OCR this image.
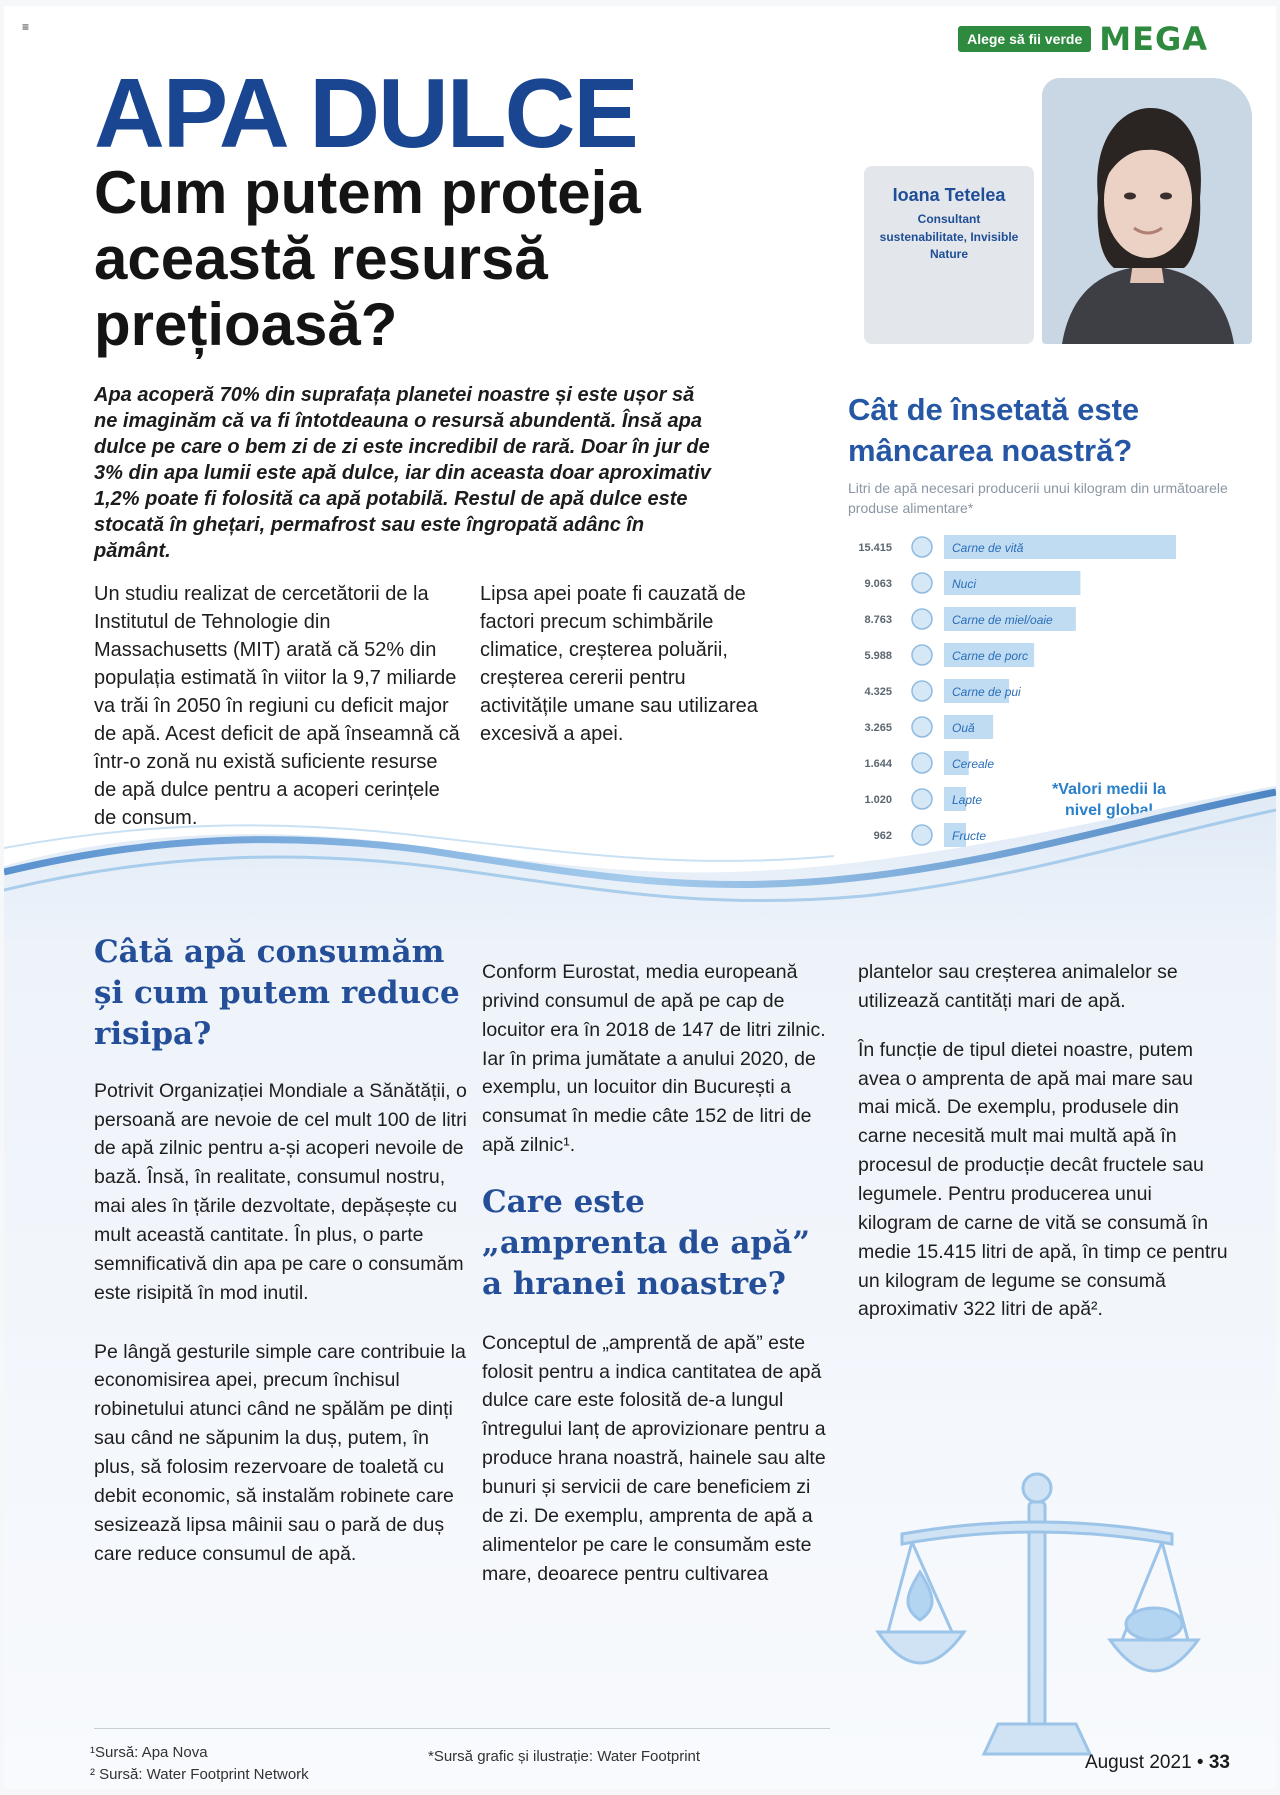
≡
Alege să fii verde MEGA
APA DULCE
Cum putem proteja această resursă prețioasă?
Ioana Tetelea
Consultant sustenabilitate, Invisible Nature

Apa acoperă 70% din suprafața planetei noastre și este ușor să ne imaginăm că va fi întotdeauna o resursă abundentă. Însă apa dulce pe care o bem zi de zi este incredibil de rară. Doar în jur de 3% din apa lumii este apă dulce, iar din aceasta doar aproximativ 1,2% poate fi folosită ca apă potabilă. Restul de apă dulce este stocată în ghețari, permafrost sau este îngropată adânc în pământ.

Un studiu realizat de cercetătorii de la Institutul de Tehnologie din Massachusetts (MIT) arată că 52% din populația estimată în viitor la 9,7 miliarde va trăi în 2050 în regiuni cu deficit major de apă. Acest deficit de apă înseamnă că într-o zonă nu există suficiente resurse de apă dulce pentru a acoperi cerințele de consum.

Lipsa apei poate fi cauzată de factori precum schimbările climatice, creșterea poluării, creșterea cererii pentru activitățile umane sau utilizarea excesivă a apei.

Cât de însetată este mâncarea noastră?

Litri de apă necesari producerii unui kilogram din următoarele produse alimentare*

15.415	Carne de vită
9.063	Nuci
8.763	Carne de miel/oaie
5.988	Carne de porc
4.325	Carne de pui
3.265	Ouă
1.644	Cereale
1.020	Lapte
962	Fructe

*Valori medii la nivel global

Câtă apă consumăm și cum putem reduce risipa?

Potrivit Organizației Mondiale a Sănătății, o persoană are nevoie de cel mult 100 de litri de apă zilnic pentru a-și acoperi nevoile de bază. Însă, în realitate, consumul nostru, mai ales în țările dezvoltate, depășește cu mult această cantitate. În plus, o parte semnificativă din apa pe care o consumăm este risipită în mod inutil.

Pe lângă gesturile simple care contribuie la economisirea apei, precum închisul robinetului atunci când ne spălăm pe dinți sau când ne săpunim la duș, putem, în plus, să folosim rezervoare de toaletă cu debit economic, să instalăm robinete care sesizează lipsa mâinii sau o pară de duș care reduce consumul de apă.

Conform Eurostat, media europeană privind consumul de apă pe cap de locuitor era în 2018 de 147 de litri zilnic. Iar în prima jumătate a anului 2020, de exemplu, un locuitor din București a consumat în medie câte 152 de litri de apă zilnic¹.

Care este „amprenta de apă” a hranei noastre?

Conceptul de „amprentă de apă” este folosit pentru a indica cantitatea de apă dulce care este folosită de-a lungul întregului lanț de aprovizionare pentru a produce hrana noastră, hainele sau alte bunuri și servicii de care beneficiem zi de zi. De exemplu, amprenta de apă a alimentelor pe care le consumăm este mare, deoarece pentru cultivarea

plantelor sau creșterea animalelor se utilizează cantități mari de apă.

În funcție de tipul dietei noastre, putem avea o amprenta de apă mai mare sau mai mică. De exemplu, produsele din carne necesită mult mai multă apă în procesul de producție decât fructele sau legumele. Pentru producerea unui kilogram de carne de vită se consumă în medie 15.415 litri de apă, în timp ce pentru un kilogram de legume se consumă aproximativ 322 litri de apă².

¹Sursă: Apa Nova
² Sursă: Water Footprint Network

*Sursă grafic și ilustrație: Water Footprint	August 2021 • 33
